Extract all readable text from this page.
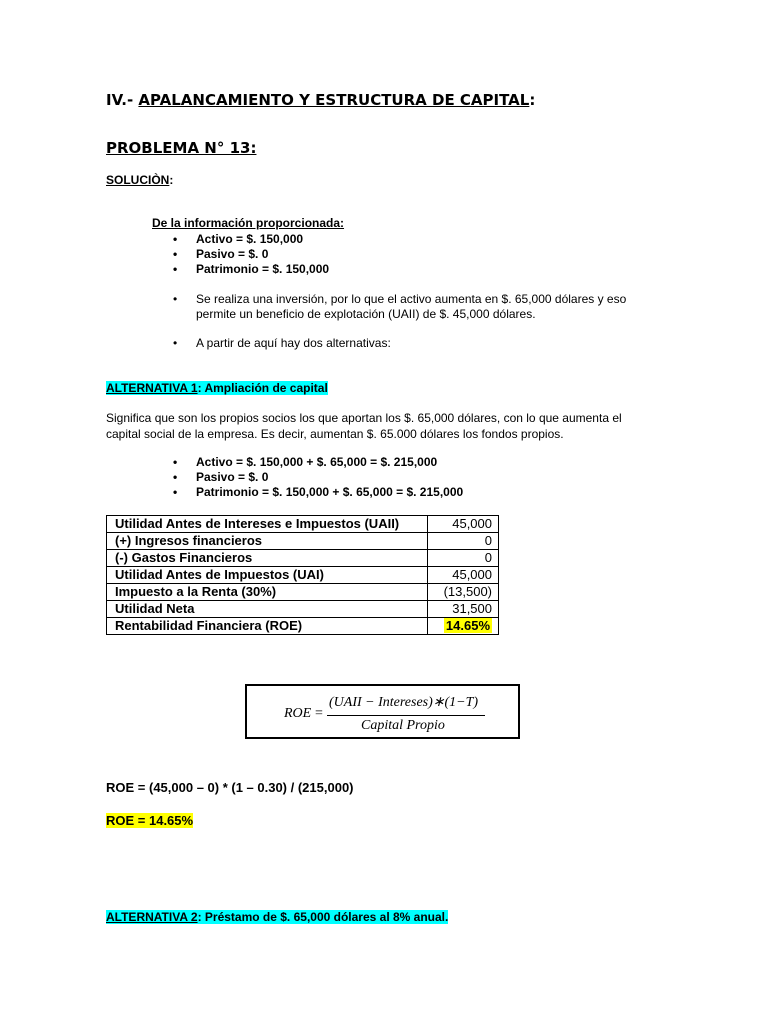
IV.- APALANCAMIENTO Y ESTRUCTURA DE CAPITAL:
PROBLEMA N° 13:
SOLUCIÒN:
De la información proporcionada:
• Activo = $. 150,000
• Pasivo = $. 0
• Patrimonio = $. 150,000
• Se realiza una inversión, por lo que el activo aumenta en $. 65,000 dólares y eso
permite un beneficio de explotación (UAII) de $. 45,000 dólares.
• A partir de aquí hay dos alternativas:
ALTERNATIVA 1: Ampliación de capital
Significa que son los propios socios los que aportan los $. 65,000 dólares, con lo que aumenta el
capital social de la empresa. Es decir, aumentan $. 65.000 dólares los fondos propios.
• Activo = $. 150,000 + $. 65,000 = $. 215,000
• Pasivo = $. 0
• Patrimonio = $. 150,000 + $. 65,000 = $. 215,000
Utilidad Antes de Intereses e Impuestos (UAII)	45,000
(+) Ingresos financieros	0
(-) Gastos Financieros	0
Utilidad Antes de Impuestos (UAI)	45,000
Impuesto a la Renta (30%)	(13,500)
Utilidad Neta	31,500
Rentabilidad Financiera (ROE)	14.65%
ROE =
(UAII − Intereses)∗(1−T)
Capital Propio
ROE = (45,000 – 0) * (1 – 0.30) / (215,000)
ROE = 14.65%
ALTERNATIVA 2: Préstamo de $. 65,000 dólares al 8% anual.
